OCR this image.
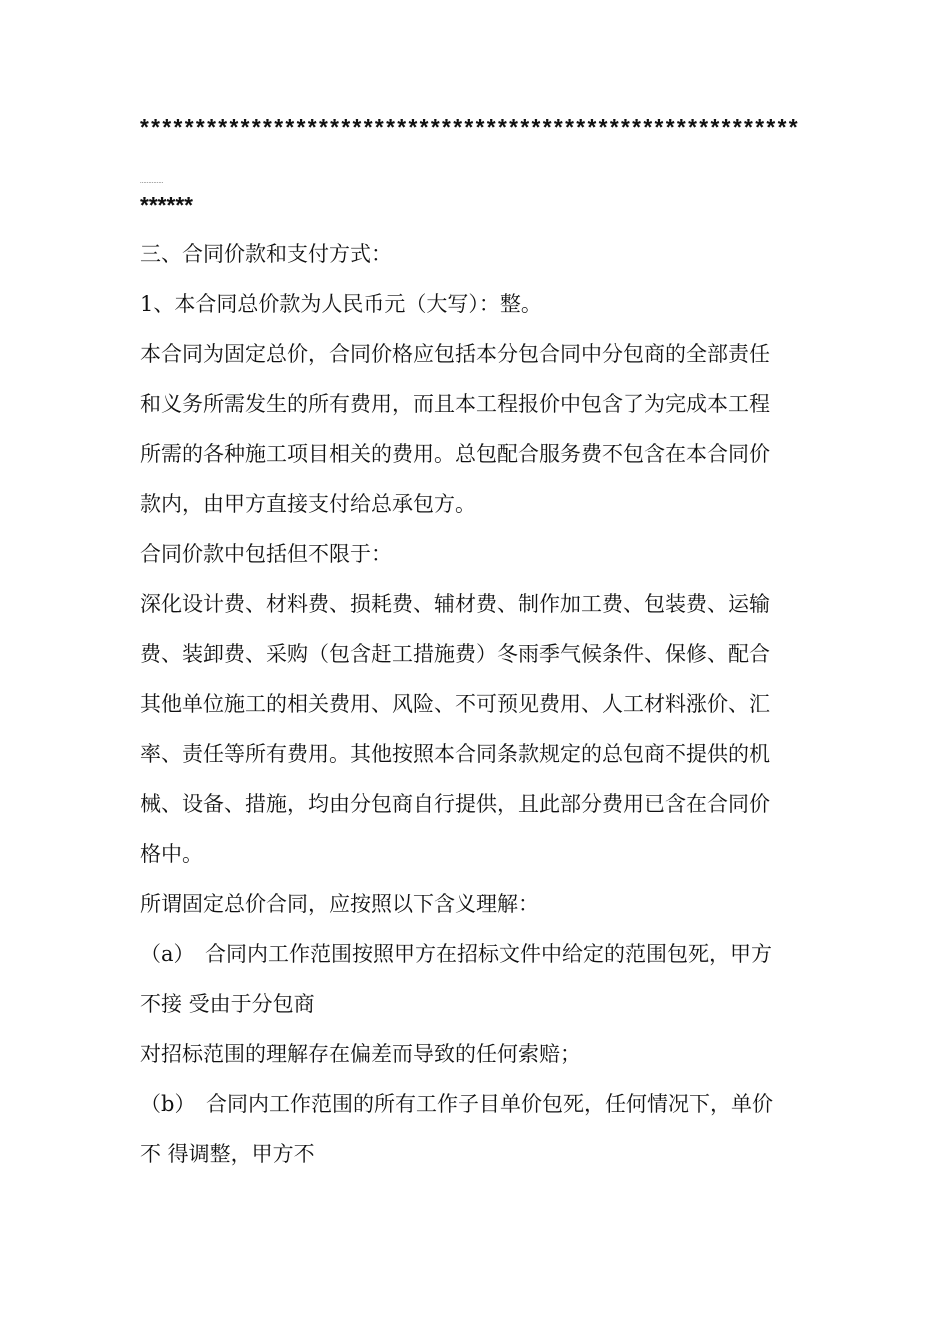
***********************************************************
..............
******
三、合同价款和支付方式：
1、本合同总价款为人民币元（大写）：整。
本合同为固定总价，合同价格应包括本分包合同中分包商的全部责任
和义务所需发生的所有费用，而且本工程报价中包含了为完成本工程
所需的各种施工项目相关的费用。总包配合服务费不包含在本合同价
款内，由甲方直接支付给总承包方。
合同价款中包括但不限于：
深化设计费、材料费、损耗费、辅材费、制作加工费、包装费、运输
费、装卸费、采购（包含赶工措施费）冬雨季气候条件、保修、配合
其他单位施工的相关费用、风险、不可预见费用、人工材料涨价、汇
率、责任等所有费用。其他按照本合同条款规定的总包商不提供的机
械、设备、措施，均由分包商自行提供，且此部分费用已含在合同价
格中。
所谓固定总价合同，应按照以下含义理解：
（a）　合同内工作范围按照甲方在招标文件中给定的范围包死，甲方
不接 受由于分包商
对招标范围的理解存在偏差而导致的任何索赔；
（b）　合同内工作范围的所有工作子目单价包死，任何情况下，单价
不 得调整，甲方不
